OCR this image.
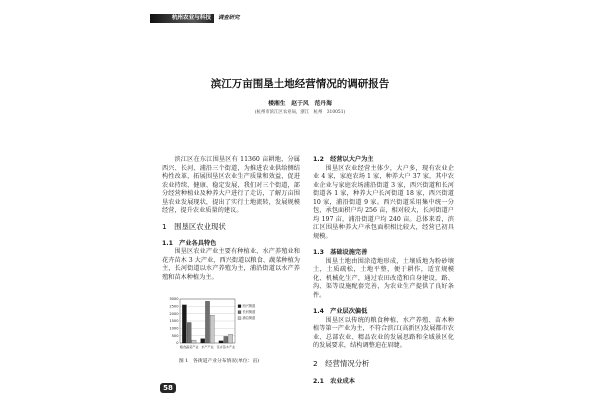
杭州农业与科技	调查研究
滨江万亩围垦土地经营情况的调研报告
楼湘生　赵于风　范丹海
(杭州市滨江区农业局，浙江　杭州　310051)

滨江区在东江围垦区有 11360 亩耕地，分属西兴、长河、浦沿三个街道，为推进农业供给侧结构性改革，拓展围垦区农业生产质量和效益，促进农业持续、健康、稳定发展，我们对三个街道，部分经营种植业及种养大户进行了走访，了解万亩围垦农业发展现状，提出了实行土地流转，发展规模经营，提升农业质量的建议。

1　围垦区农业现状
1.1　产业各具特色

围垦区农业产业主要有种植业、水产养殖业和花卉苗木 3 大产业，西兴街道以粮食、蔬菜种植为主，长河街道以水产养殖为主，浦沿街道以水产养殖和苗木种植为主。

0
500
1000
1500
2000
2500
3000
粮食蔬菜产业 水产产业 花卉苗木产业
西兴街道
长河街道
浦沿街道
图 1　各街道产业分布情况(单位：亩)
1.2　经营以大户为主

围垦区农业经营主体少，大户多，现有农业企业 4 家，家庭农场 1 家，种养大户 37 家，其中农业企业与家庭农场浦沿街道 3 家，西兴街道和长河街道各 1 家，种养大户长河街道 18 家，西兴街道 10 家，浦沿街道 9 家。西兴街道采用集中统一分包，承包面积户均 256 亩，相对较大，长河街道户均 197 亩，浦沿街道户均 240 亩。总体来看，滨江区围垦种养大户承包面积相比较大，经营已初具规模。

1.3　基础设施完善

围垦土地由围涂造地形成，土壤质地为粉砂壤土，土质疏松，土地平整，便于耕作，适宜规模化、机械化生产，通过农田改造和自身建设，路、沟、渠等设施配套完善，为农业生产提供了良好条件。

1.4　产业层次偏低

围垦区以传统的粮食种植、水产养殖、苗木种植等第一产业为主，不符合滨江(高新区)发展都市农业、总部农业、精品农业的发展思路和全域景区化的发展要求，结构调整迫在眉睫。

2　经营情况分析
2.1　农业成本
58
